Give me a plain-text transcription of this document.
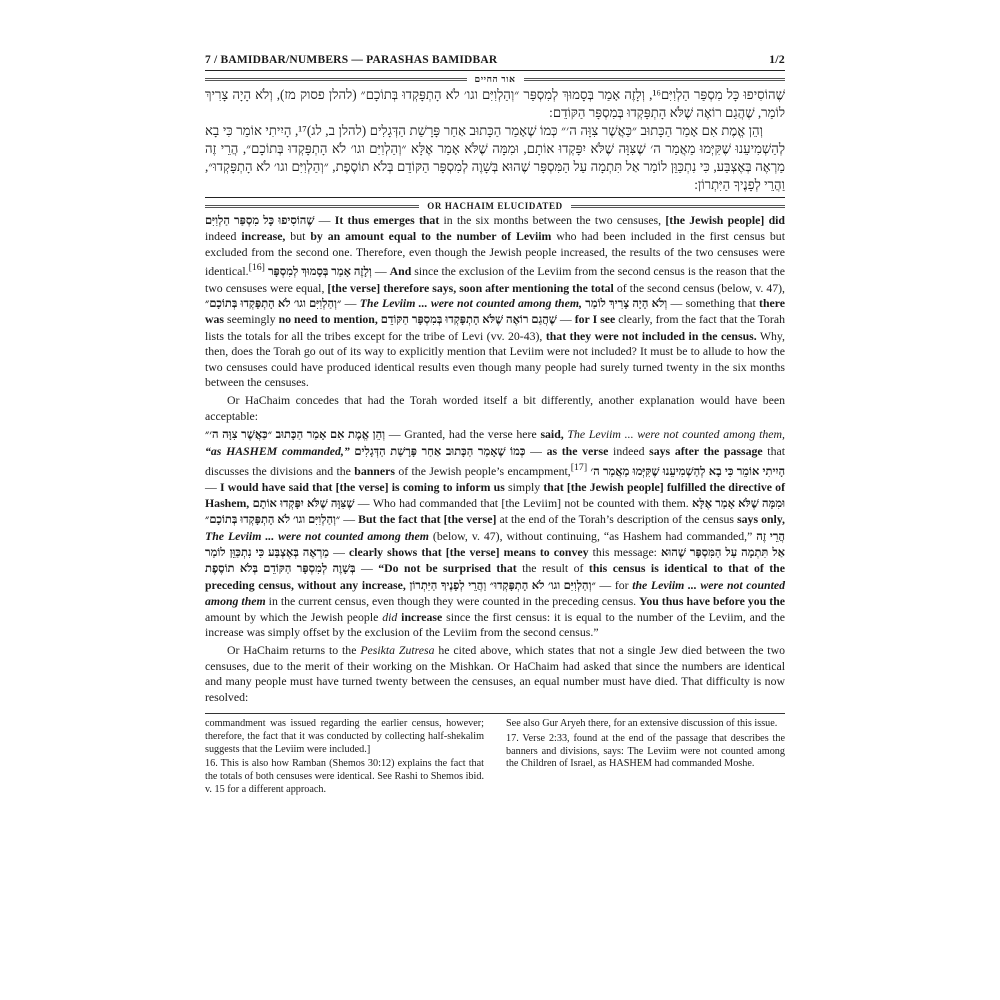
7 / BAMIDBAR/NUMBERS — PARASHAS BAMIDBAR	1/2
אור החיים

שֶׁהוֹסִיפוּ כָּל מִסְפַּר הַלְוִיִּם¹⁶, וְלָזֶה אָמַר בְּסָמוּךְ לְמִסְפַּר ״וְהַלְוִיִּם וגו׳ לֹא הָתְפָּקְדוּ בְּתוֹכָם״ (להלן פסוק מז), וְלֹא הָיָה צָרִיךְ לוֹמַר, שֶׁהֲגַם רוֹאֶה שֶׁלֹּא הָתְפָּקְדוּ בְּמִסְפָּר הַקּוֹדֵם:

וְהֵן אֱמֶת אִם אָמַר הַכָּתוּב ״כַּאֲשֶׁר צִוָּה ה׳״ כְּמוֹ שֶׁאָמַר הַכָּתוּב אַחַר פָּרָשַׁת הַדְּגָלִים (להלן ב, לג)¹⁷, הָיִיתִי אוֹמֵר כִּי בָא לְהַשְׁמִיעֵנוּ שֶׁקִּיְּמוּ מַאֲמַר ה׳ שֶׁצִּוָּה שֶׁלֹּא יִפָּקְדוּ אוֹתָם, וּמִמָּה שֶׁלֹּא אָמַר אֶלָּא ״וְהַלְוִיִּם וגו׳ לֹא הָתְפָּקְדוּ בְּתוֹכָם״, הֲרֵי זֶה מַרְאֶה בְּאֶצְבַּע, כִּי נִתְכַּוֵּן לוֹמַר אַל תִּתְמָה עַל הַמִּסְפָּר שֶׁהוּא בְּשָׁוֶה לְמִסְפָּר הַקּוֹדֵם בְּלֹא תוֹסֶפֶת, ״וְהַלְוִיִּם וגו׳ לֹא הָתְפָּקְדוּ״, וַהֲרֵי לְפָנֶיךָ הַיִּתְרוֹן:

OR HACHAIM ELUCIDATED

שֶׁהוֹסִיפוּ כָּל מִסְפַּר הַלְוִיִּם — It thus emerges that in the six months between the two censuses, [the Jewish people] did indeed increase, but by an amount equal to the number of Leviim who had been included in the first census but excluded from the second one. Therefore, even though the Jewish people increased, the results of the two censuses were identical.[16] וְלָזֶה אָמַר בְּסָמוּךְ לְמִסְפָּר — And since the exclusion of the Leviim from the second census is the reason that the two censuses were equal, [the verse] therefore says, soon after mentioning the total of the second census (below, v. 47), ״וְהַלְוִיִּם וגו׳ לֹא הָתְפָּקְדוּ בְּתוֹכָם״ — The Leviim ... were not counted among them, וְלֹא הָיָה צָרִיךְ לוֹמַר — something that there was seemingly no need to mention, שֶׁהֲגַם רוֹאֶה שֶׁלֹּא הָתְפָּקְדוּ בְּמִסְפָּר הַקּוֹדֵם — for I see clearly, from the fact that the Torah lists the totals for all the tribes except for the tribe of Levi (vv. 20-43), that they were not included in the census. Why, then, does the Torah go out of its way to explicitly mention that Leviim were not included? It must be to allude to how the two censuses could have produced identical results even though many people had surely turned twenty in the six months between the censuses.

Or HaChaim concedes that had the Torah worded itself a bit differently, another explanation would have been acceptable:

וְהֵן אֱמֶת אִם אָמַר הַכָּתוּב ״כַּאֲשֶׁר צִוָּה ה׳״ — Granted, had the verse here said, The Leviim ... were not counted among them, “as HASHEM commanded,” כְּמוֹ שֶׁאָמַר הַכָּתוּב אַחַר פָּרָשַׁת הַדְּגָלִים — as the verse indeed says after the passage that discusses the divisions and the banners of the Jewish people’s encampment,[17] הָיִיתִי אוֹמֵר כִּי בָא לְהַשְׁמִיעֵנוּ שֶׁקִּיְּמוּ מַאֲמַר ה׳ — I would have said that [the verse] is coming to inform us simply that [the Jewish people] fulfilled the directive of Hashem, שֶׁצִּוָּה שֶׁלֹּא יִפָּקְדוּ אוֹתָם — Who had commanded that [the Leviim] not be counted with them. וּמִמָּה שֶׁלֹּא אָמַר אֶלָּא ״וְהַלְוִיִּם וגו׳ לֹא הָתְפָּקְדוּ בְּתוֹכָם״ — But the fact that [the verse] at the end of the Torah’s description of the census says only, The Leviim ... were not counted among them (below, v. 47), without continuing, “as Hashem had commanded,” הֲרֵי זֶה מַרְאֶה בְּאֶצְבַּע כִּי נִתְכַּוֵּן לוֹמַר — clearly shows that [the verse] means to convey this message: אַל תִּתְמָה עַל הַמִּסְפָּר שֶׁהוּא בְּשָׁוֶה לְמִסְפָּר הַקּוֹדֵם בְּלֹא תוֹסֶפֶת — “Do not be surprised that the result of this census is identical to that of the preceding census, without any increase, ״וְהַלְוִיִּם וגו׳ לֹא הָתְפָּקְדוּ״ וַהֲרֵי לְפָנֶיךָ הַיִּתְרוֹן — for the Leviim ... were not counted among them in the current census, even though they were counted in the preceding census. You thus have before you the amount by which the Jewish people did increase since the first census: it is equal to the number of the Leviim, and the increase was simply offset by the exclusion of the Leviim from the second census.”

Or HaChaim returns to the Pesikta Zutresa he cited above, which states that not a single Jew died between the two censuses, due to the merit of their working on the Mishkan. Or HaChaim had asked that since the numbers are identical and many people must have turned twenty between the censuses, an equal number must have died. That difficulty is now resolved:

commandment was issued regarding the earlier census, however; therefore, the fact that it was conducted by collecting half-shekalim suggests that the Leviim were included.]

16. This is also how Ramban (Shemos 30:12) explains the fact that the totals of both censuses were identical. See Rashi to Shemos ibid. v. 15 for a different approach.

See also Gur Aryeh there, for an extensive discussion of this issue.

17. Verse 2:33, found at the end of the passage that describes the banners and divisions, says: The Leviim were not counted among the Children of Israel, as HASHEM had commanded Moshe.
